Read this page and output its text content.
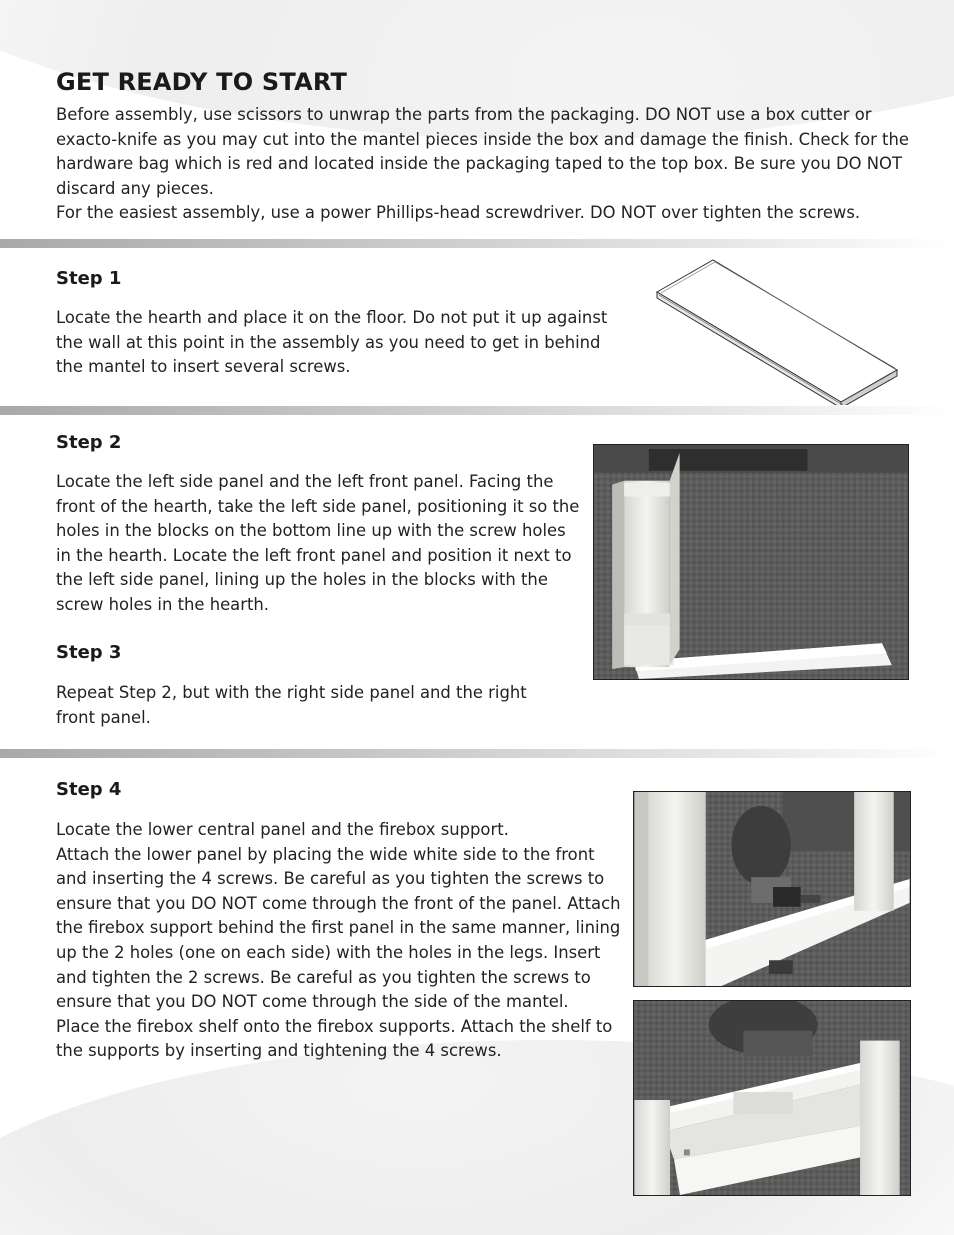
GET READY TO START

Before assembly, use scissors to unwrap the parts from the packaging. DO NOT use a box cutter or exacto-knife as you may cut into the mantel pieces inside the box and damage the finish. Check for the hardware bag which is red and located inside the packaging taped to the top box. Be sure you DO NOT discard any pieces.

For the easiest assembly, use a power Phillips-head screwdriver. DO NOT over tighten the screws.

Step 1

Locate the hearth and place it on the floor. Do not put it up against the wall at this point in the assembly as you need to get in behind the mantel to insert several screws.

Step 2

Locate the left side panel and the left front panel. Facing the front of the hearth, take the left side panel, positioning it so the holes in the blocks on the bottom line up with the screw holes in the hearth. Locate the left front panel and position it next to the left side panel, lining up the holes in the blocks with the screw holes in the hearth.

Step 3

Repeat Step 2, but with the right side panel and the right front panel.

Step 4
Locate the lower central panel and the firebox support.
Attach the lower panel by placing the wide white side to the front and inserting the 4 screws. Be careful as you tighten the screws to ensure that you DO NOT come through the front of the panel. Attach the firebox support behind the first panel in the same manner, lining up the 2 holes (one on each side) with the holes in the legs. Insert and tighten the 2 screws. Be careful as you tighten the screws to ensure that you DO NOT come through the side of the mantel.
Place the firebox shelf onto the firebox supports. Attach the shelf to the supports by inserting and tightening the 4 screws.
